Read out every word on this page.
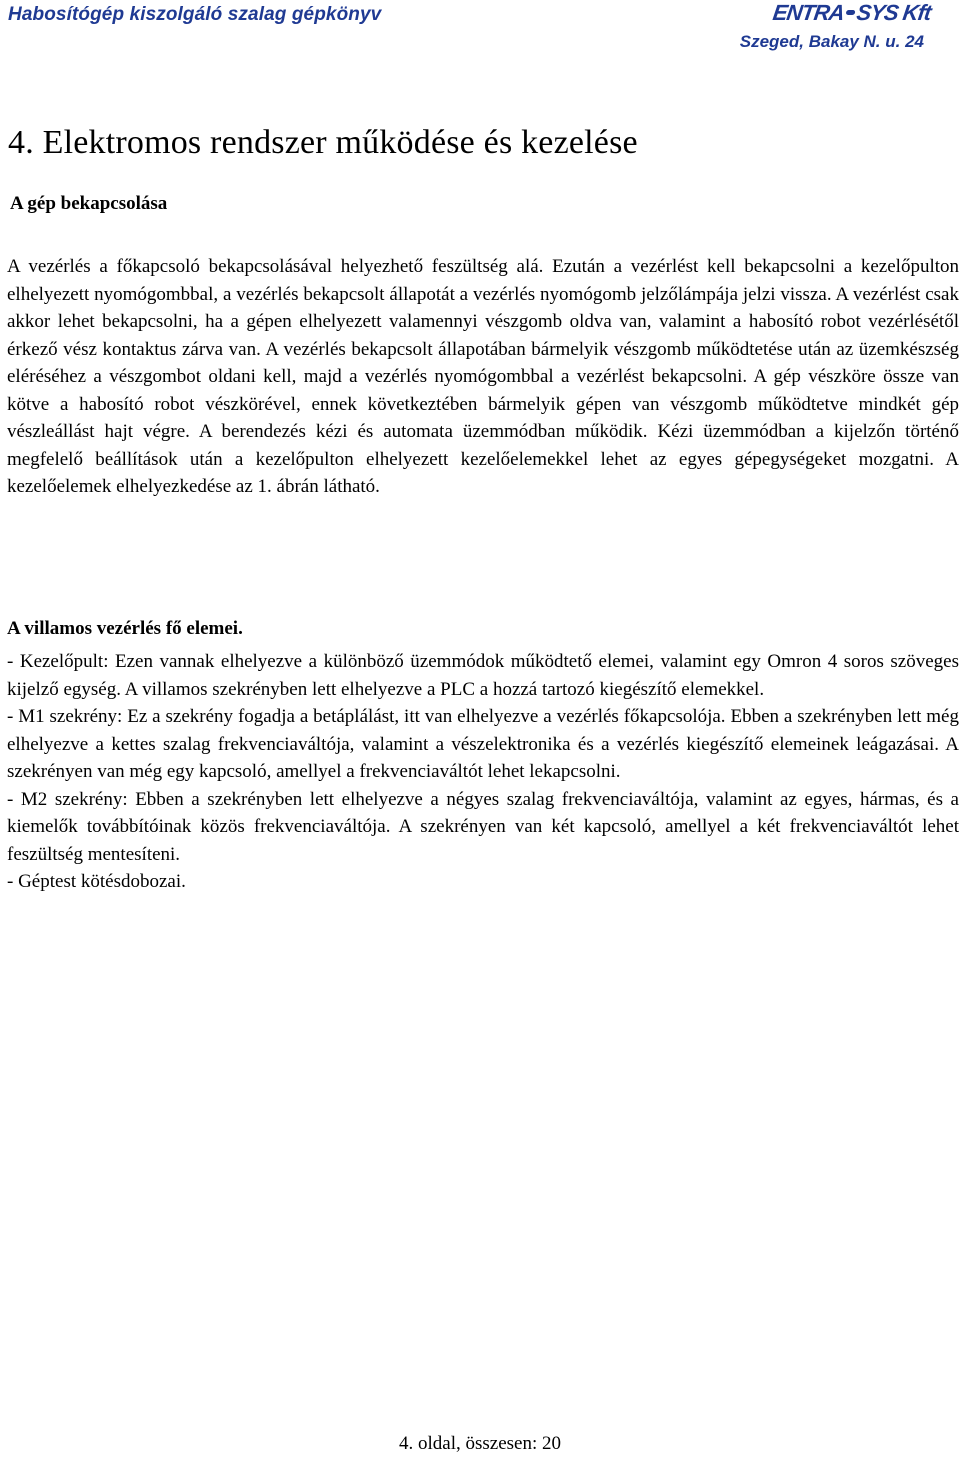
Habosítógép kiszolgáló szalag gépkönyv	ENTRA SYS Kft
Szeged, Bakay N. u. 24
4. Elektromos rendszer működése és kezelése
A gép bekapcsolása

A vezérlés a főkapcsoló bekapcsolásával helyezhető feszültség alá. Ezután a vezérlést kell bekapcsolni a kezelőpulton elhelyezett nyomógombbal, a vezérlés bekapcsolt állapotát a vezérlés nyomógomb jelzőlámpája jelzi vissza. A vezérlést csak akkor lehet bekapcsolni, ha a gépen elhelyezett valamennyi vészgomb oldva van, valamint a habosító robot vezérlésétől érkező vész kontaktus zárva van. A vezérlés bekapcsolt állapotában bármelyik vészgomb működtetése után az üzemkészség eléréséhez a vészgombot oldani kell, majd a vezérlés nyomógombbal a vezérlést bekapcsolni. A gép vészköre össze van kötve a habosító robot vészkörével, ennek következtében bármelyik gépen van vészgomb működtetve mindkét gép vészleállást hajt végre. A berendezés kézi és automata üzemmódban működik. Kézi üzemmódban a kijelzőn történő megfelelő beállítások után a kezelőpulton elhelyezett kezelőelemekkel lehet az egyes gépegységeket mozgatni. A kezelőelemek elhelyezkedése az 1. ábrán látható.

A villamos vezérlés fő elemei.
- Kezelőpult: Ezen vannak elhelyezve a különböző üzemmódok működtető elemei, valamint egy Omron 4 soros szöveges kijelző egység. A villamos szekrényben lett elhelyezve a PLC a hozzá tartozó kiegészítő elemekkel.
- M1 szekrény: Ez a szekrény fogadja a betáplálást, itt van elhelyezve a vezérlés főkapcsolója. Ebben a szekrényben lett még elhelyezve a kettes szalag frekvenciaváltója, valamint a vészelektronika és a vezérlés kiegészítő elemeinek leágazásai. A szekrényen van még egy kapcsoló, amellyel a frekvenciaváltót lehet lekapcsolni.
- M2 szekrény: Ebben a szekrényben lett elhelyezve a négyes szalag frekvenciaváltója, valamint az egyes, hármas, és a kiemelők továbbítóinak közös frekvenciaváltója. A szekrényen van két kapcsoló, amellyel a két frekvenciaváltót lehet feszültség mentesíteni.
- Géptest kötésdobozai.
4. oldal, összesen: 20
